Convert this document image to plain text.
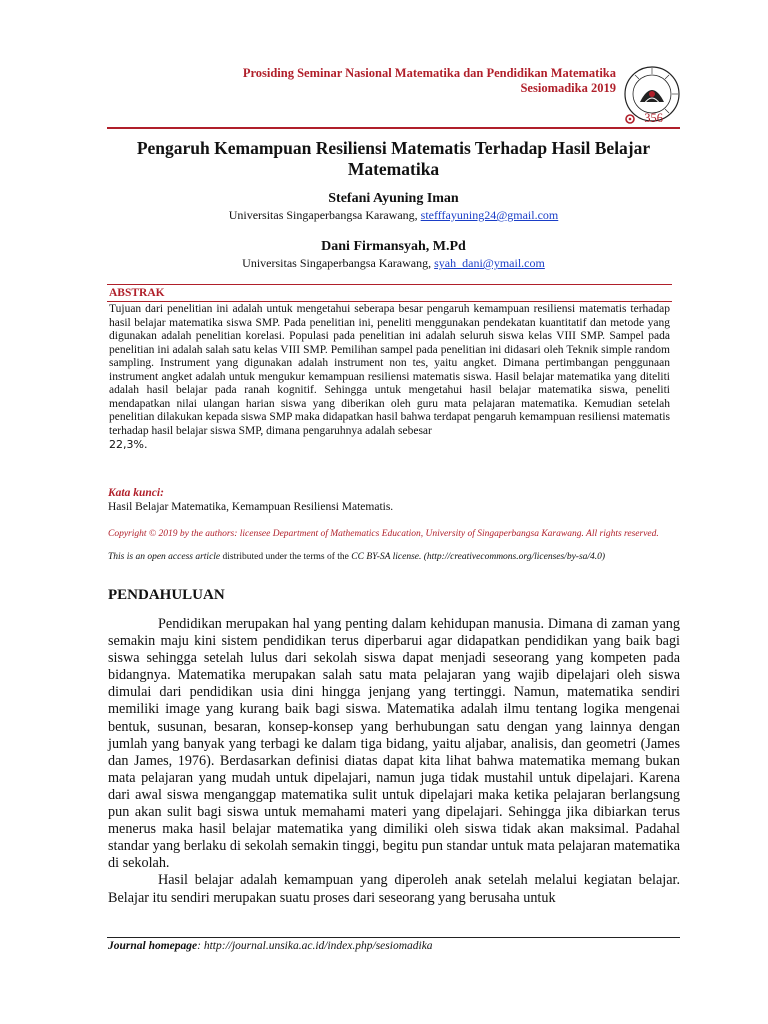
Prosiding Seminar Nasional Matematika dan Pendidikan Matematika
Sesiomadika 2019
356
Pengaruh Kemampuan Resiliensi Matematis Terhadap Hasil Belajar Matematika
Stefani Ayuning Iman
Universitas Singaperbangsa Karawang, stefffayuning24@gmail.com
Dani Firmansyah, M.Pd
Universitas Singaperbangsa Karawang, syah_dani@ymail.com
ABSTRAK
Tujuan dari penelitian ini adalah untuk mengetahui seberapa besar pengaruh kemampuan resiliensi matematis terhadap hasil belajar matematika siswa SMP. Pada penelitian ini, peneliti menggunakan pendekatan kuantitatif dan metode yang digunakan adalah penelitian korelasi. Populasi pada penelitian ini adalah seluruh siswa kelas VIII SMP. Sampel pada penelitian ini adalah salah satu kelas VIII SMP. Pemilihan sampel pada penelitian ini didasari oleh Teknik simple random sampling. Instrument yang digunakan adalah instrument non tes, yaitu angket. Dimana pertimbangan penggunaan instrument angket adalah untuk mengukur kemampuan resiliensi matematis siswa. Hasil belajar matematika yang diteliti adalah hasil belajar pada ranah kognitif. Sehingga untuk mengetahui hasil belajar matematika siswa, peneliti mendapatkan nilai ulangan harian siswa yang diberikan oleh guru mata pelajaran matematika. Kemudian setelah penelitian dilakukan kepada siswa SMP maka didapatkan hasil bahwa terdapat pengaruh kemampuan resiliensi matematis terhadap hasil belajar siswa SMP, dimana pengaruhnya adalah sebesar
22,3%.
Kata kunci:
Hasil Belajar Matematika, Kemampuan Resiliensi Matematis.
Copyright © 2019 by the authors: licensee Department of Mathematics Education, University of Singaperbangsa Karawang. All rights reserved.
This is an open access article distributed under the terms of the CC BY-SA license. (http://creativecommons.org/licenses/by-sa/4.0)
PENDAHULUAN

Pendidikan merupakan hal yang penting dalam kehidupan manusia. Dimana di zaman yang semakin maju kini sistem pendidikan terus diperbarui agar didapatkan pendidikan yang baik bagi siswa sehingga setelah lulus dari sekolah siswa dapat menjadi seseorang yang kompeten pada bidangnya. Matematika merupakan salah satu mata pelajaran yang wajib dipelajari oleh siswa dimulai dari pendidikan usia dini hingga jenjang yang tertinggi. Namun, matematika sendiri memiliki image yang kurang baik bagi siswa. Matematika adalah ilmu tentang logika mengenai bentuk, susunan, besaran, konsep-konsep yang berhubungan satu dengan yang lainnya dengan jumlah yang banyak yang terbagi ke dalam tiga bidang, yaitu aljabar, analisis, dan geometri (James dan James, 1976). Berdasarkan definisi diatas dapat kita lihat bahwa matematika memang bukan mata pelajaran yang mudah untuk dipelajari, namun juga tidak mustahil untuk dipelajari. Karena dari awal siswa menganggap matematika sulit untuk dipelajari maka ketika pelajaran berlangsung pun akan sulit bagi siswa untuk memahami materi yang dipelajari. Sehingga jika dibiarkan terus menerus maka hasil belajar matematika yang dimiliki oleh siswa tidak akan maksimal. Padahal standar yang berlaku di sekolah semakin tinggi, begitu pun standar untuk mata pelajaran matematika di sekolah.

Hasil belajar adalah kemampuan yang diperoleh anak setelah melalui kegiatan belajar. Belajar itu sendiri merupakan suatu proses dari seseorang yang berusaha untuk

Journal homepage: http://journal.unsika.ac.id/index.php/sesiomadika
